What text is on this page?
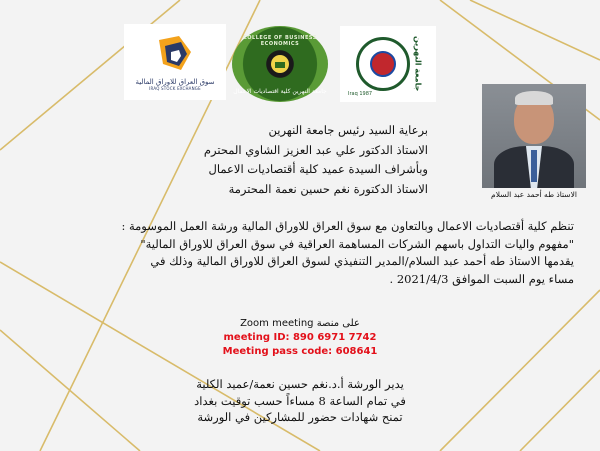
سوق العراق للاوراق المالية
IRAQ STOCK EXCHANGE
COLLEGE OF BUSINESS ECONOMICS
جامعة النهرين كلية اقتصاديات الاعمال	جامعة النهرين
Iraq 1987
الاستاذ طه أحمد عبد السلام
برعاية السيد رئيس جامعة النهرين
الاستاذ الدكتور علي عبد العزيز الشاوي المحترم
وبأشراف السيدة عميد كلية أقتصاديات الاعمال
الاستاذ الدكتورة نغم حسين نعمة المحترمة
تنظم كلية أقتصاديات الاعمال وبالتعاون مع سوق العراق للاوراق المالية ورشة العمل الموسومة :
"مفهوم واليات التداول باسهم الشركات المساهمة العراقية في سوق العراق للاوراق المالية"
يقدمها الاستاذ طه أحمد عبد السلام/المدير التنفيذي لسوق العراق للاوراق المالية وذلك في
مساء يوم السبت الموافق 2021/4/3 .
على منصة Zoom meeting
meeting ID: 890 6971 7742
Meeting pass code: 608641
يدير الورشة أ.د.نغم حسين نعمة/عميد الكلية
في تمام الساعة 8 مساءاً حسب توقيت بغداد
تمنح شهادات حضور للمشاركين في الورشة
